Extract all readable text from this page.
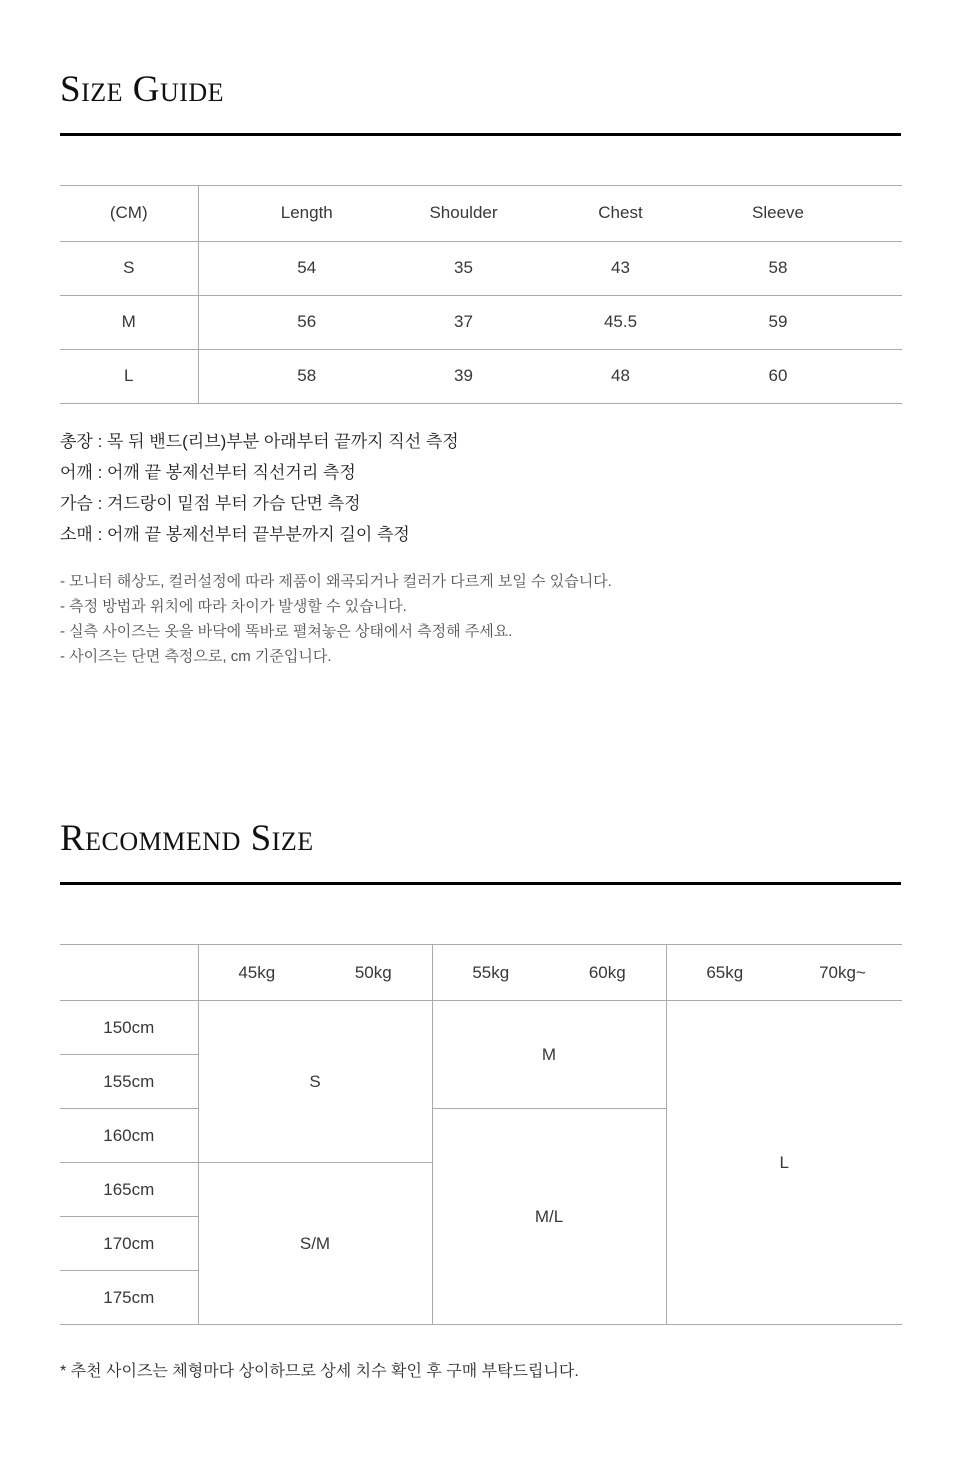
Size Guide
(CM)	Length	Shoulder	Chest	Sleeve
S	54	35	43	58
M	56	37	45.5	59
L	58	39	48	60
총장 : 목 뒤 밴드(리브)부분 아래부터 끝까지 직선 측정
어깨 : 어깨 끝 봉제선부터 직선거리 측정
가슴 : 겨드랑이 밑점 부터 가슴 단면 측정
소매 : 어깨 끝 봉제선부터 끝부분까지 길이 측정
- 모니터 해상도, 컬러설정에 따라 제품이 왜곡되거나 컬러가 다르게 보일 수 있습니다.
- 측정 방법과 위치에 따라 차이가 발생할 수 있습니다.
- 실측 사이즈는 옷을 바닥에 똑바로 펼쳐놓은 상태에서 측정해 주세요.
- 사이즈는 단면 측정으로, cm 기준입니다.
Recommend Size
	45kg	50kg	55kg	60kg	65kg	70kg~
150cm	S		M		L	
155cm						
160cm			M/L			
165cm	S/M					
170cm						
175cm						
* 추천 사이즈는 체형마다 상이하므로 상세 치수 확인 후 구매 부탁드립니다.
